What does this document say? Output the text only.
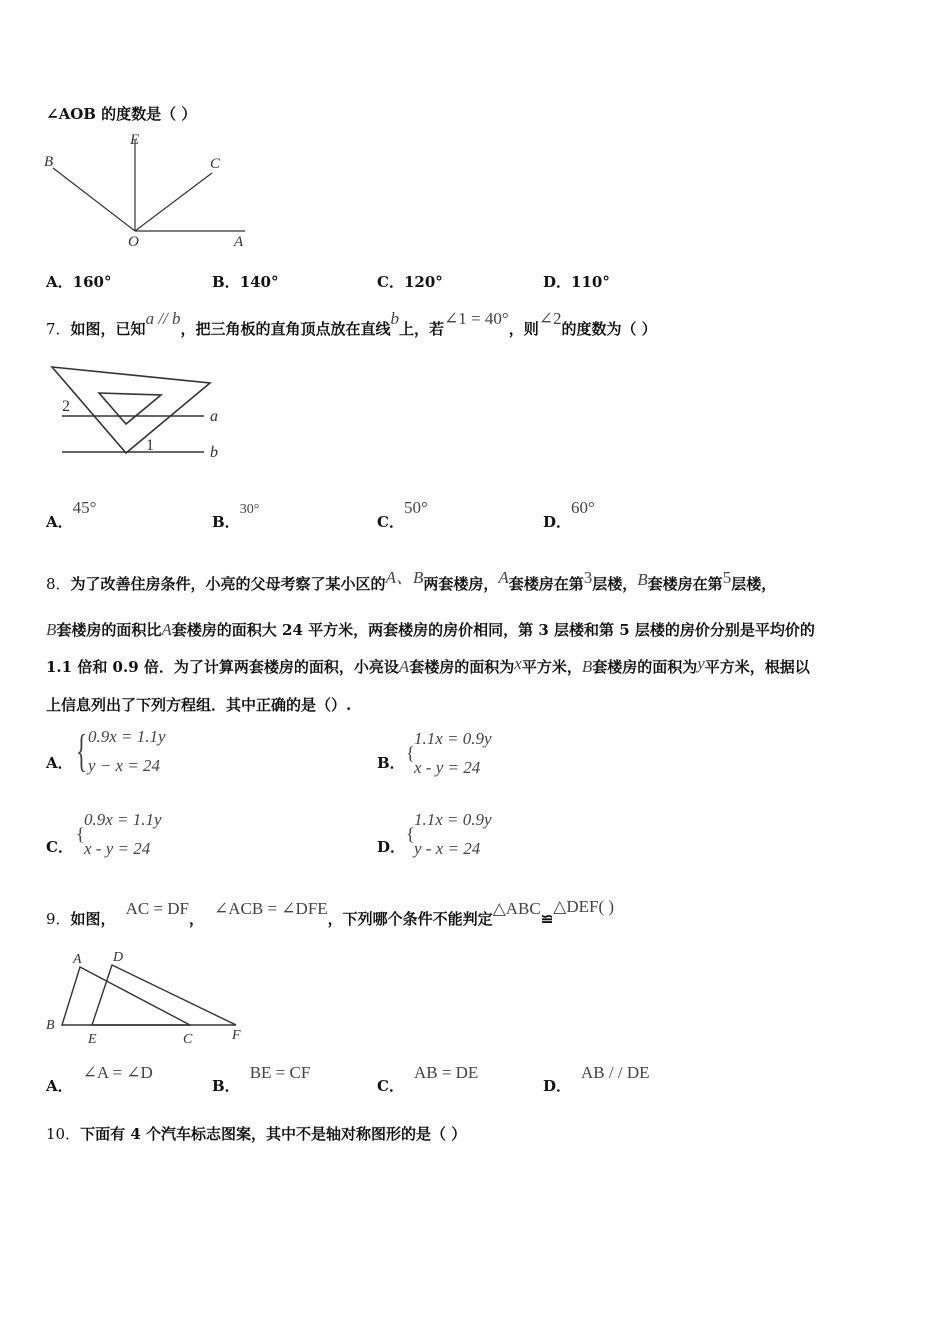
∠AOB 的度数是（ ）
B
E
C
O	A
A．160°	B．140°	C．120°	D．110°
7．如图，已知a // b，把三角板的直角顶点放在直线b上，若∠1 = 40°，则∠2的度数为（ ）
2
1
a
b
A．45°
B．30°
C．50°
D．60°
8．为了改善住房条件，小亮的父母考察了某小区的A、B两套楼房，A套楼房在第3层楼，B套楼房在第5层楼，
B套楼房的面积比A套楼房的面积大 24 平方米，两套楼房的房价相同，第 3 层楼和第 5 层楼的房价分别是平均价的
1.1 倍和 0.9 倍．为了计算两套楼房的面积，小亮设A套楼房的面积为x平方米，B套楼房的面积为y平方米，根据以
上信息列出了下列方程组．其中正确的是（）.
A． { 0.9x = 1.1y
y − x = 24	B． {
1.1x = 0.9y
x - y = 24
C．
{
0.9x = 1.1y
x - y = 24	D．
{
1.1x = 0.9y
y - x = 24
9．如图，AC = DF，∠ACB = ∠DFE，下列哪个条件不能判定△ABC≌△DEF( )
A D
B
E	C	F
A．∠A = ∠D
B．BE = CF
C．AB = DE
D．AB / / DE
10．下面有 4 个汽车标志图案，其中不是轴对称图形的是（ ）
